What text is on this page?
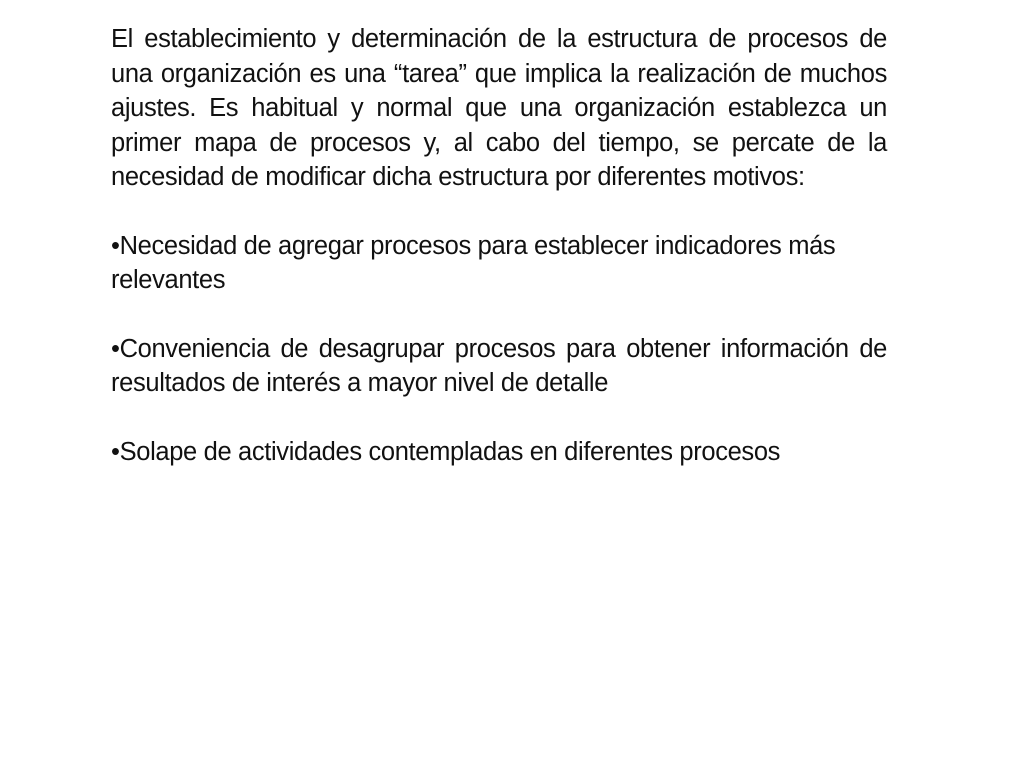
El establecimiento y determinación de la estructura de procesos de una organización es una “tarea” que implica la realización de muchos ajustes. Es habitual y normal que una organización establezca un primer mapa de procesos y, al cabo del tiempo, se percate de la necesidad de modificar dicha estructura por diferentes motivos:

•Necesidad de agregar procesos para establecer indicadores más relevantes

•Conveniencia de desagrupar procesos para obtener información de resultados de interés a mayor nivel de detalle

•Solape de actividades contempladas en diferentes procesos
